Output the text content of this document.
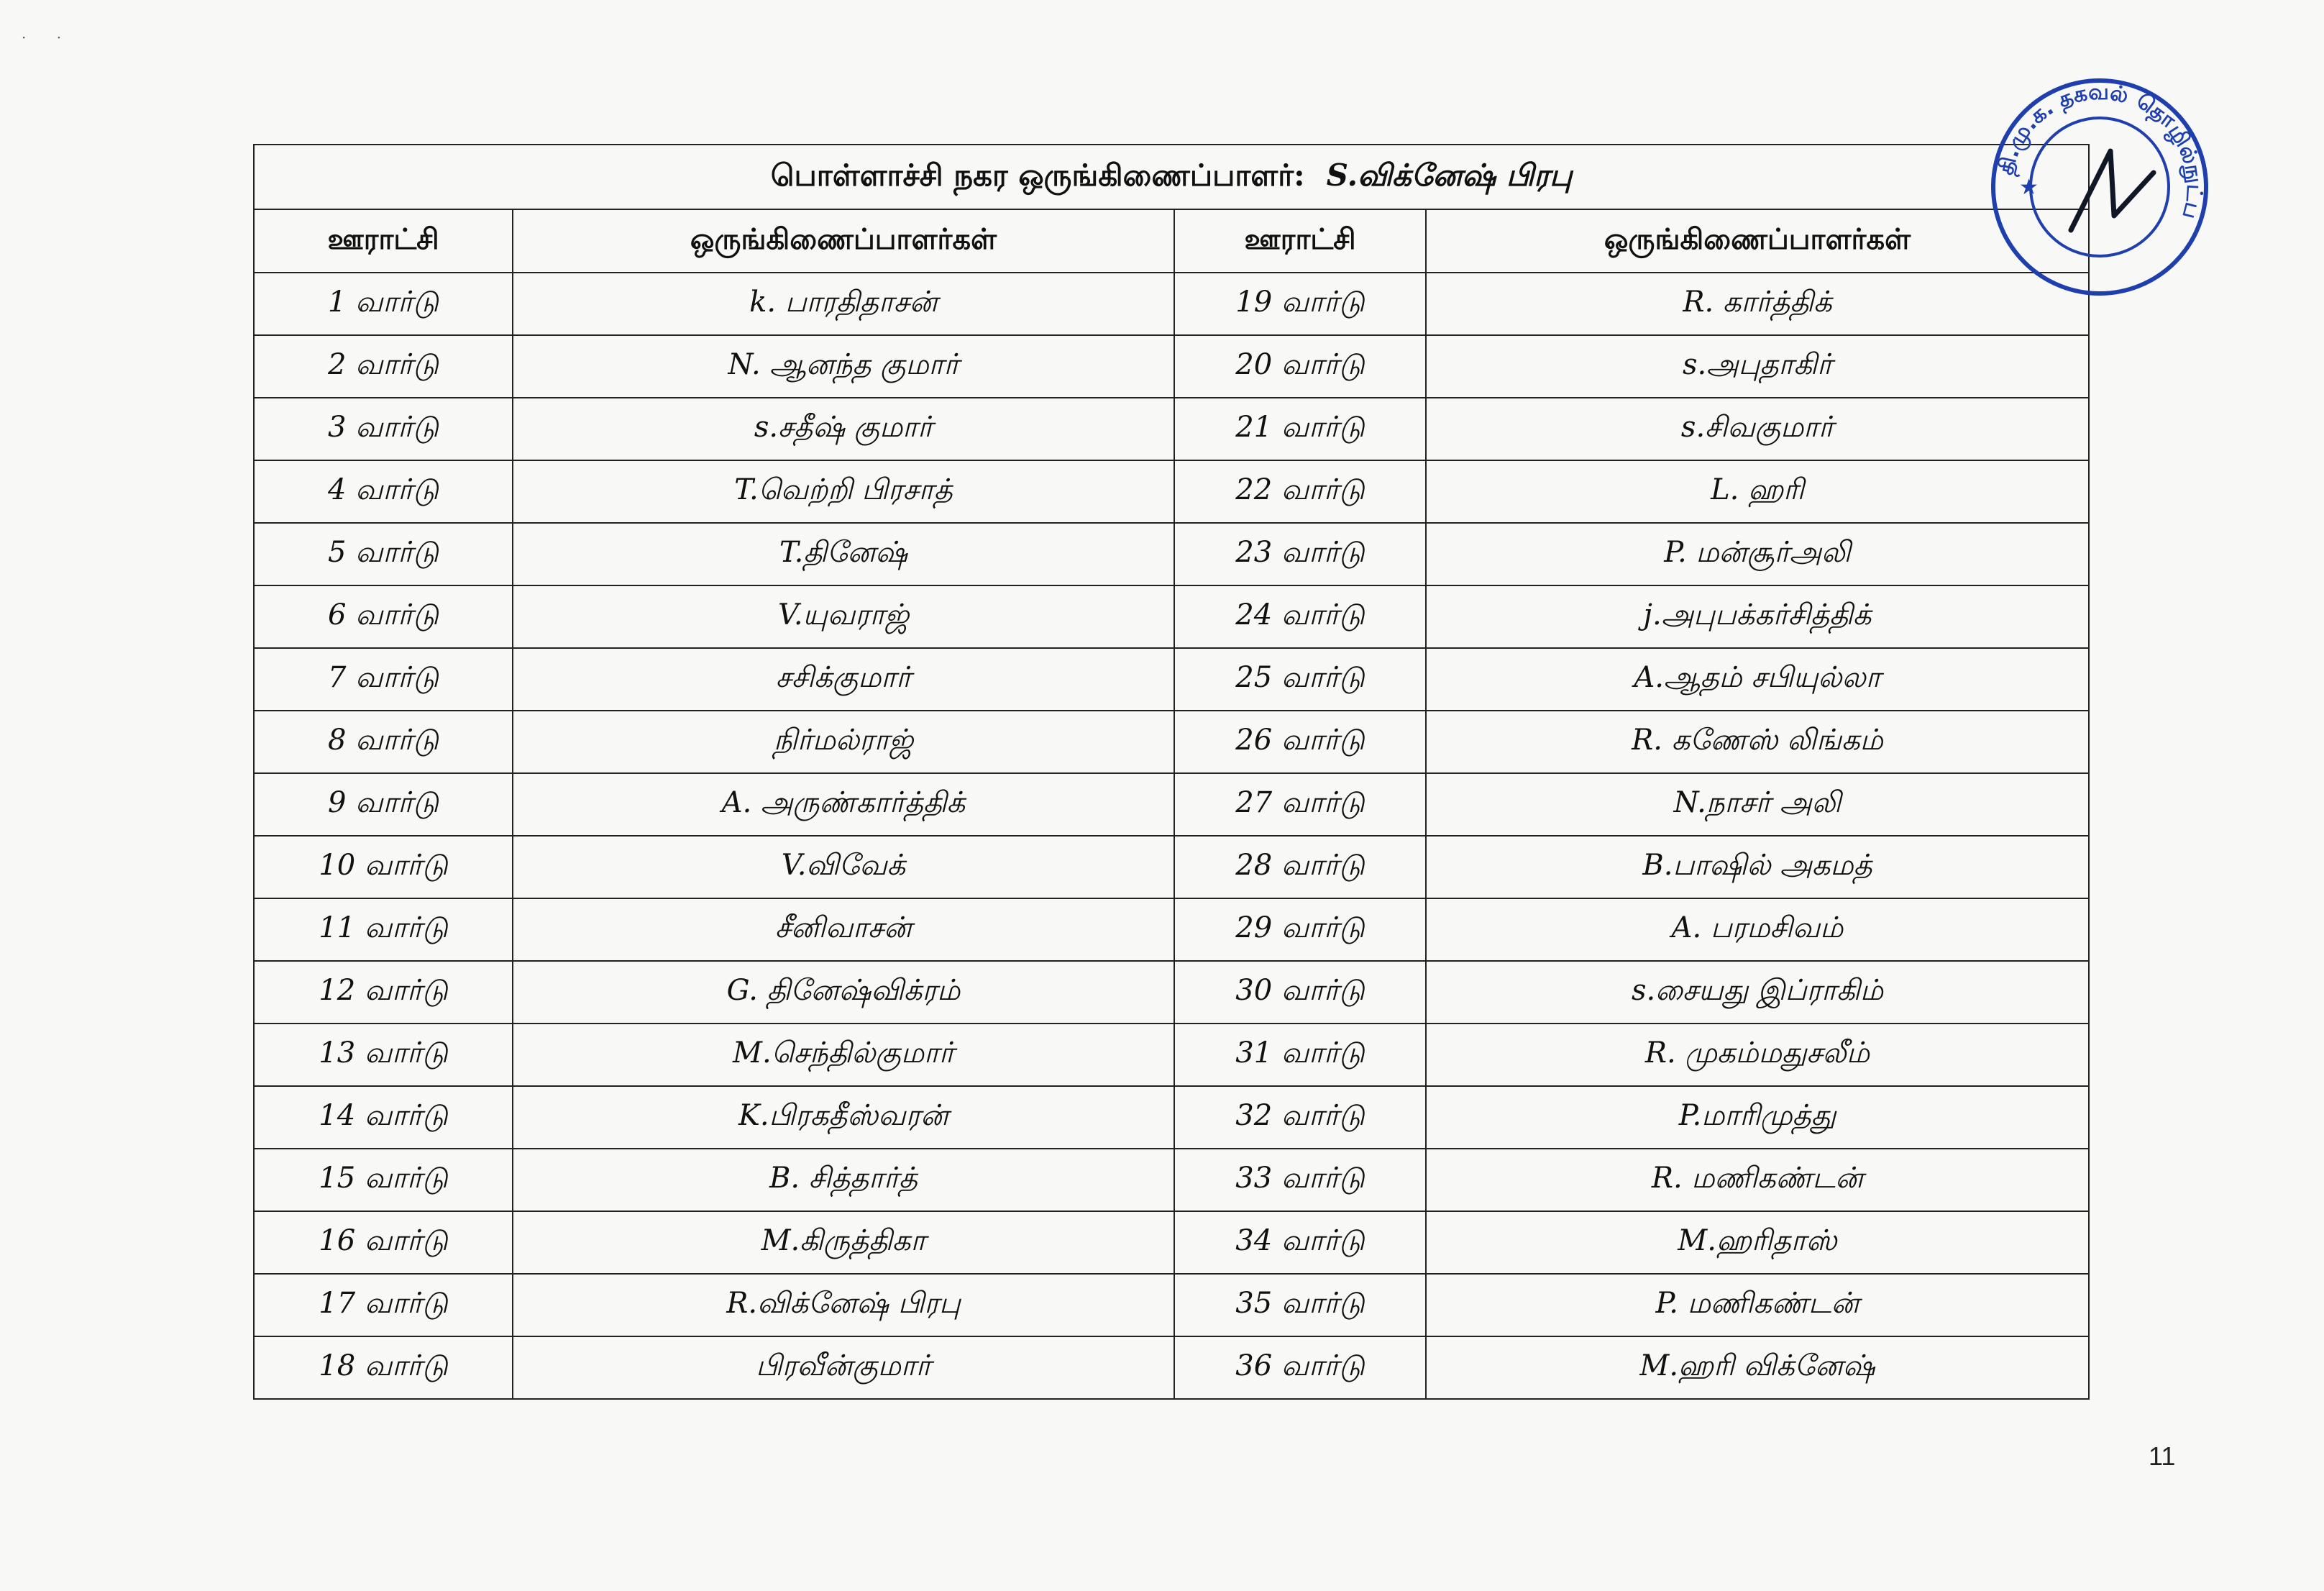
· ·
பொள்ளாச்சி நகர ஒருங்கிணைப்பாளர்: S.விக்னேஷ் பிரபு			
ஊராட்சி	ஒருங்கிணைப்பாளர்கள்	ஊராட்சி	ஒருங்கிணைப்பாளர்கள்
1 வார்டு	k. பாரதிதாசன்	19 வார்டு	R. கார்த்திக்
2 வார்டு	N. ஆனந்த குமார்	20 வார்டு	s.அபுதாகிர்
3 வார்டு	s.சதீஷ் குமார்	21 வார்டு	s.சிவகுமார்
4 வார்டு	T.வெற்றி பிரசாத்	22 வார்டு	L. ஹரி
5 வார்டு	T.தினேஷ்	23 வார்டு	P. மன்சூர்அலி
6 வார்டு	V.யுவராஜ்	24 வார்டு	j.அபுபக்கர்சித்திக்
7 வார்டு	சசிக்குமார்	25 வார்டு	A.ஆதம் சபியுல்லா
8 வார்டு	நிர்மல்ராஜ்	26 வார்டு	R. கணேஸ் லிங்கம்
9 வார்டு	A. அருண்கார்த்திக்	27 வார்டு	N.நாசர் அலி
10 வார்டு	V.விவேக்	28 வார்டு	B.பாஷில் அகமத்
11 வார்டு	சீனிவாசன்	29 வார்டு	A. பரமசிவம்
12 வார்டு	G. தினேஷ்விக்ரம்	30 வார்டு	s.சையது இப்ராகிம்
13 வார்டு	M.செந்தில்குமார்	31 வார்டு	R. முகம்மதுசலீம்
14 வார்டு	K.பிரகதீஸ்வரன்	32 வார்டு	P.மாரிமுத்து
15 வார்டு	B. சித்தார்த்	33 வார்டு	R. மணிகண்டன்
16 வார்டு	M.கிருத்திகா	34 வார்டு	M.ஹரிதாஸ்
17 வார்டு	R.விக்னேஷ் பிரபு	35 வார்டு	P. மணிகண்டன்
18 வார்டு	பிரவீன்குமார்	36 வார்டு	M.ஹரி விக்னேஷ்
தி.மு.க. தகவல் தொழில்நுட்ப
★
11
